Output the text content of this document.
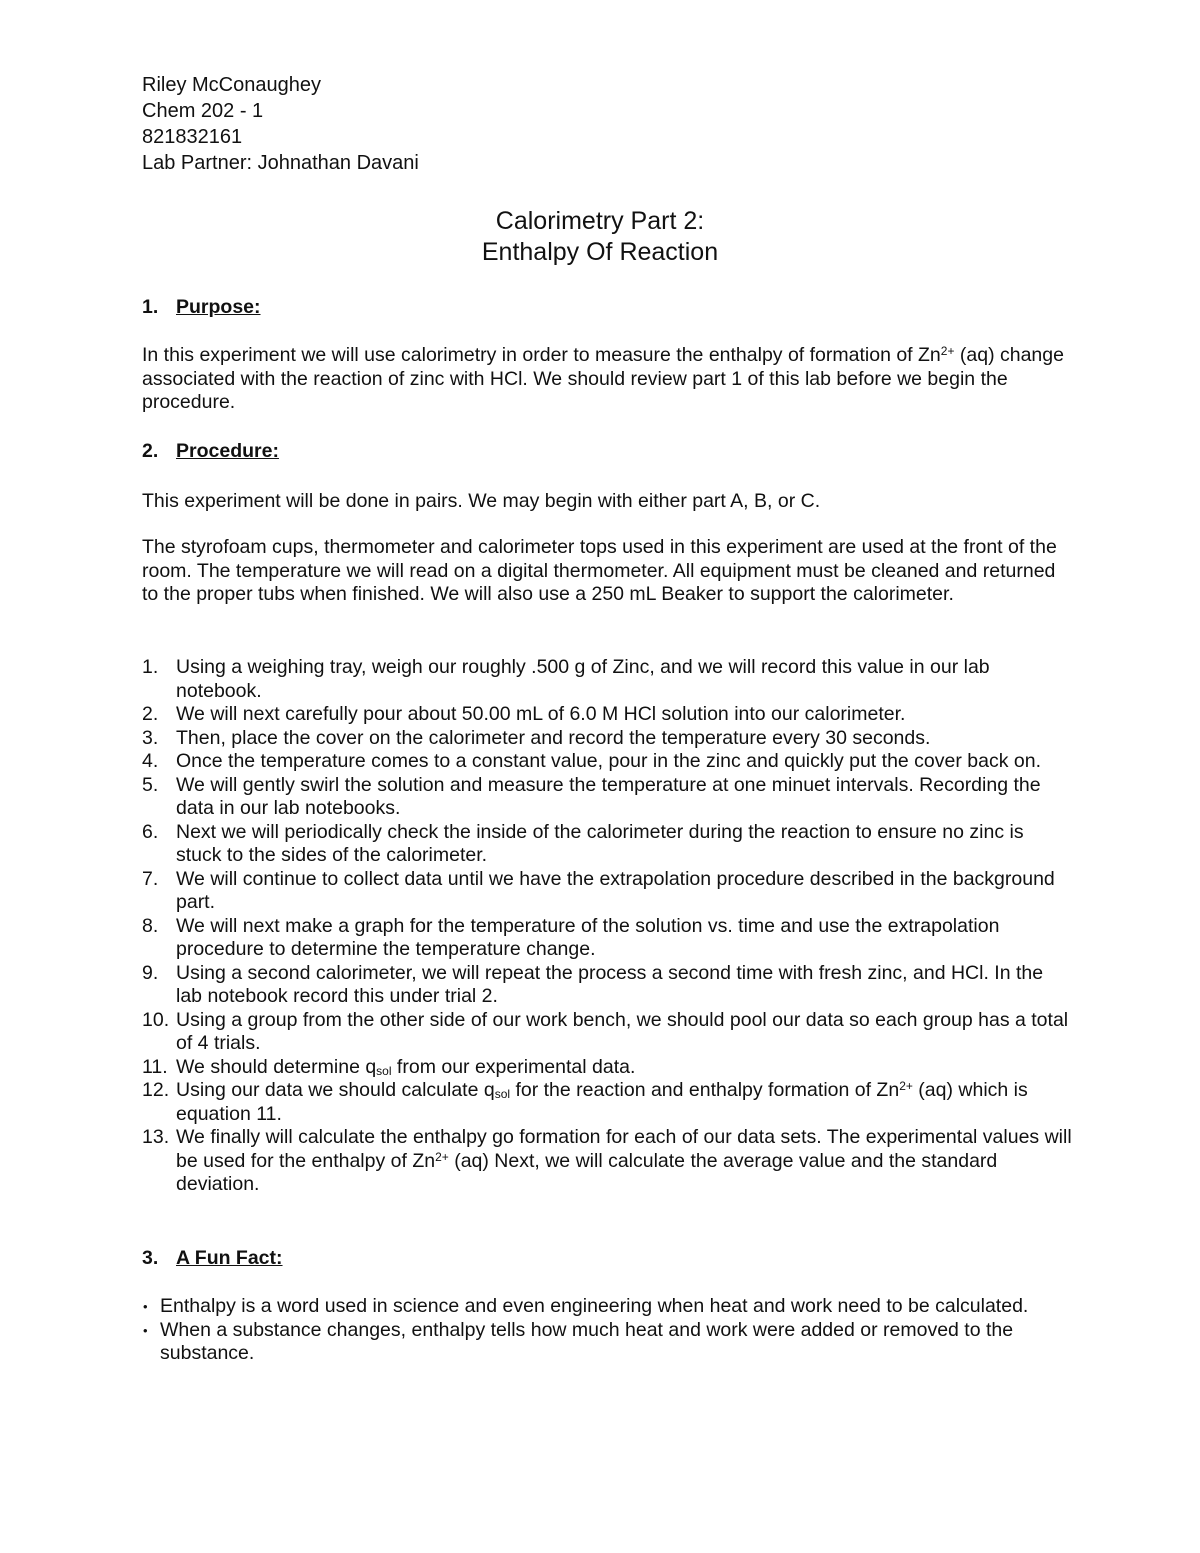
Riley McConaughey
Chem 202 - 1
821832161
Lab Partner: Johnathan Davani
Calorimetry Part 2:
Enthalpy Of Reaction
1. Purpose:

In this experiment we will use calorimetry in order to measure the enthalpy of formation of $Zn^{2+}$ (aq) change associated with the reaction of zinc with HCl. We should review part 1 of this lab before we begin the procedure.

2. Procedure:

This experiment will be done in pairs. We may begin with either part A, B, or C.

The styrofoam cups, thermometer and calorimeter tops used in this experiment are used at the front of the room. The temperature we will read on a digital thermometer. All equipment must be cleaned and returned to the proper tubs when finished. We will also use a 250 mL Beaker to support the calorimeter.

1. Using a weighing tray, weigh our roughly .500 g of Zinc, and we will record this value in our lab notebook.
2. We will next carefully pour about 50.00 mL of 6.0 M HCl solution into our calorimeter.
3. Then, place the cover on the calorimeter and record the temperature every 30 seconds.
4. Once the temperature comes to a constant value, pour in the zinc and quickly put the cover back on.
5. We will gently swirl the solution and measure the temperature at one minuet intervals. Recording the data in our lab notebooks.
6. Next we will periodically check the inside of the calorimeter during the reaction to ensure no zinc is stuck to the sides of the calorimeter.
7. We will continue to collect data until we have the extrapolation procedure described in the background part.
8. We will next make a graph for the temperature of the solution vs. time and use the extrapolation procedure to determine the temperature change.
9. Using a second calorimeter, we will repeat the process a second time with fresh zinc, and HCl. In the lab notebook record this under trial 2.
10. Using a group from the other side of our work bench, we should pool our data so each group has a total of 4 trials.
11. We should determine $q_{sol}$ from our experimental data.
12. Using our data we should calculate $q_{sol}$ for the reaction and enthalpy formation of $Zn^{2+}$ (aq) which is equation 11.
13. We finally will calculate the enthalpy go formation for each of our data sets. The experimental values will be used for the enthalpy of $Zn^{2+}$ (aq) Next, we will calculate the average value and the standard deviation.
3. A Fun Fact:
• Enthalpy is a word used in science and even engineering when heat and work need to be calculated.
• When a substance changes, enthalpy tells how much heat and work were added or removed to the substance.
